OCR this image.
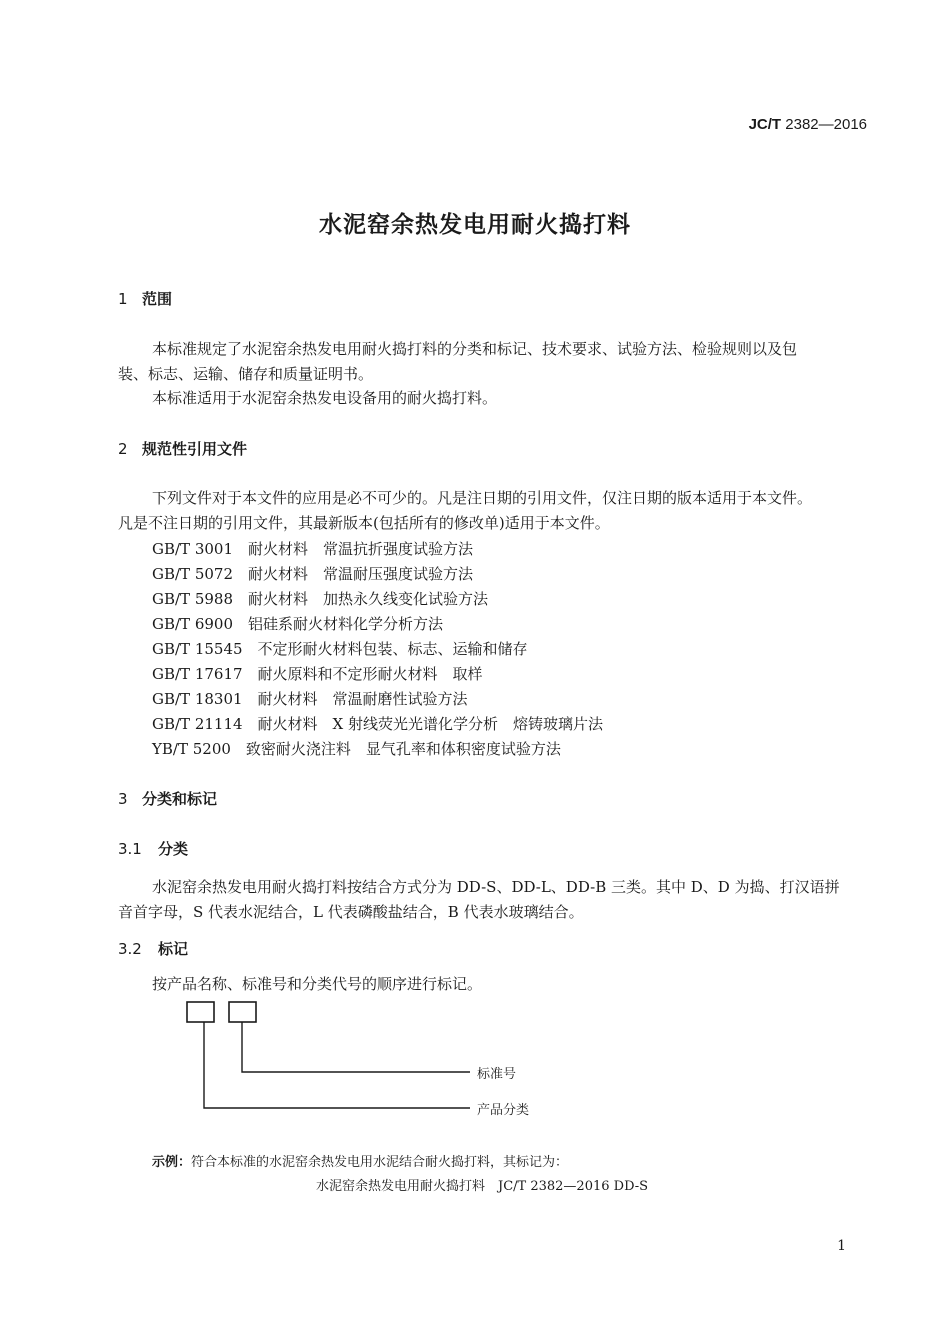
JC/T 2382—2016
水泥窑余热发电用耐火捣打料
1 范围
本标准规定了水泥窑余热发电用耐火捣打料的分类和标记、技术要求、试验方法、检验规则以及包
装、标志、运输、储存和质量证明书。
本标准适用于水泥窑余热发电设备用的耐火捣打料。
2 规范性引用文件
下列文件对于本文件的应用是必不可少的。凡是注日期的引用文件，仅注日期的版本适用于本文件。
凡是不注日期的引用文件，其最新版本(包括所有的修改单)适用于本文件。
GB/T 3001　耐火材料　常温抗折强度试验方法
GB/T 5072　耐火材料　常温耐压强度试验方法
GB/T 5988　耐火材料　加热永久线变化试验方法
GB/T 6900　铝硅系耐火材料化学分析方法
GB/T 15545　不定形耐火材料包装、标志、运输和储存
GB/T 17617　耐火原料和不定形耐火材料　取样
GB/T 18301　耐火材料　常温耐磨性试验方法
GB/T 21114　耐火材料　X 射线荧光光谱化学分析　熔铸玻璃片法
YB/T 5200　致密耐火浇注料　显气孔率和体积密度试验方法
3 分类和标记
3.1 分类
水泥窑余热发电用耐火捣打料按结合方式分为 DD-S、DD-L、DD-B 三类。其中 D、D 为捣、打汉语拼
音首字母，S 代表水泥结合，L 代表磷酸盐结合，B 代表水玻璃结合。
3.2 标记
按产品名称、标准号和分类代号的顺序进行标记。
标准号
产品分类
示例：符合本标准的水泥窑余热发电用水泥结合耐火捣打料，其标记为：
水泥窑余热发电用耐火捣打料　JC/T 2382—2016 DD-S
1
